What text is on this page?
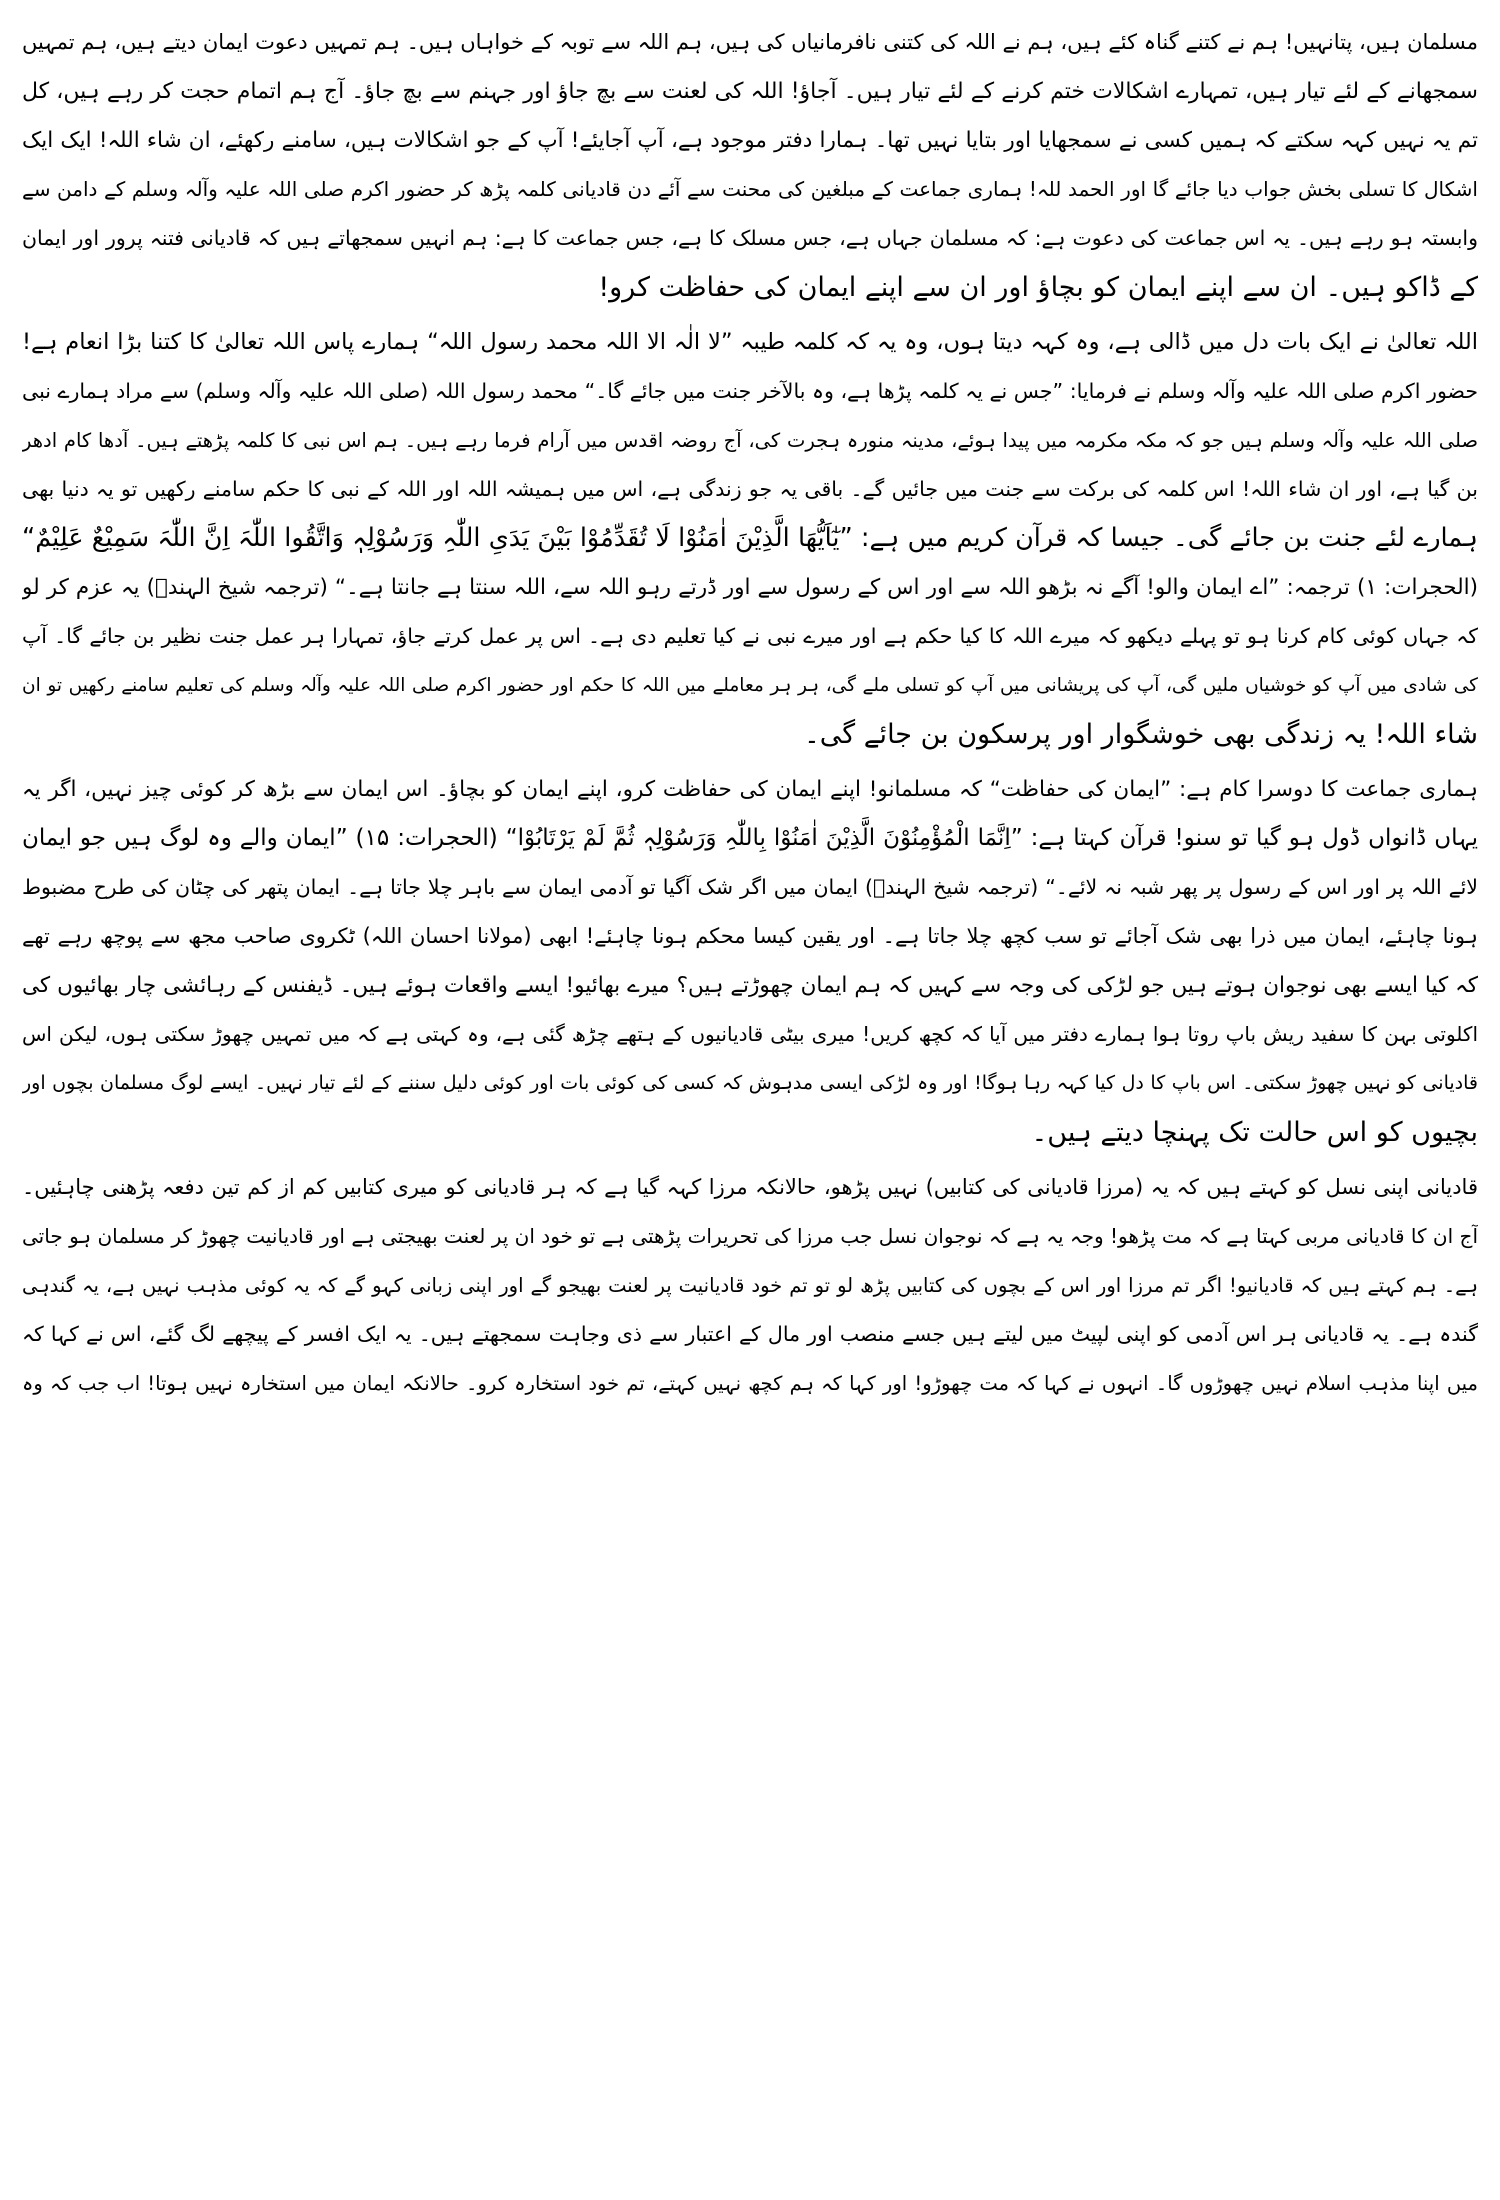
مسلمان ہیں، پتانہیں! ہم نے کتنے گناہ کئے ہیں، ہم نے اللہ کی کتنی نافرمانیاں کی ہیں، ہم اللہ سے توبہ کے خواہاں ہیں۔ ہم تمہیں دعوت ایمان دیتے ہیں، ہم تمہیں
سمجھانے کے لئے تیار ہیں، تمہارے اشکالات ختم کرنے کے لئے تیار ہیں۔ آجاؤ! اللہ کی لعنت سے بچ جاؤ اور جہنم سے بچ جاؤ۔ آج ہم اتمام حجت کر رہے ہیں، کل
تم یہ نہیں کہہ سکتے کہ ہمیں کسی نے سمجھایا اور بتایا نہیں تھا۔ ہمارا دفتر موجود ہے، آپ آجایئے! آپ کے جو اشکالات ہیں، سامنے رکھئے، ان شاء اللہ! ایک ایک
اشکال کا تسلی بخش جواب دیا جائے گا اور الحمد للہ! ہماری جماعت کے مبلغین کی محنت سے آئے دن قادیانی کلمہ پڑھ کر حضور اکرم صلی اللہ علیہ وآلہ وسلم کے دامن سے
وابستہ ہو رہے ہیں۔ یہ اس جماعت کی دعوت ہے: کہ مسلمان جہاں ہے، جس مسلک کا ہے، جس جماعت کا ہے: ہم انہیں سمجھاتے ہیں کہ قادیانی فتنہ پرور اور ایمان
کے ڈاکو ہیں۔ ان سے اپنے ایمان کو بچاؤ اور ان سے اپنے ایمان کی حفاظت کرو!
اللہ تعالیٰ نے ایک بات دل میں ڈالی ہے، وہ کہہ دیتا ہوں، وہ یہ کہ کلمہ طیبہ ”لا الٰہ الا اللہ محمد رسول اللہ“ ہمارے پاس اللہ تعالیٰ کا کتنا بڑا انعام ہے!
حضور اکرم صلی اللہ علیہ وآلہ وسلم نے فرمایا: ”جس نے یہ کلمہ پڑھا ہے، وہ بالآخر جنت میں جائے گا۔“ محمد رسول اللہ (صلی اللہ علیہ وآلہ وسلم) سے مراد ہمارے نبی
صلی اللہ علیہ وآلہ وسلم ہیں جو کہ مکہ مکرمہ میں پیدا ہوئے، مدینہ منورہ ہجرت کی، آج روضہ اقدس میں آرام فرما رہے ہیں۔ ہم اس نبی کا کلمہ پڑھتے ہیں۔ آدھا کام ادھر
بن گیا ہے، اور ان شاء اللہ! اس کلمہ کی برکت سے جنت میں جائیں گے۔ باقی یہ جو زندگی ہے، اس میں ہمیشہ اللہ اور اللہ کے نبی کا حکم سامنے رکھیں تو یہ دنیا بھی
ہمارے لئے جنت بن جائے گی۔ جیسا کہ قرآن کریم میں ہے: ”یٰٓاَیُّھَا الَّذِیْنَ اٰمَنُوْا لَا تُقَدِّمُوْا بَیْنَ یَدَیِ اللّٰہِ وَرَسُوْلِہٖ وَاتَّقُوا اللّٰہَ اِنَّ اللّٰہَ سَمِیْعٌ عَلِیْمٌ“
(الحجرات: ۱) ترجمہ: ”اے ایمان والو! آگے نہ بڑھو اللہ سے اور اس کے رسول سے اور ڈرتے رہو اللہ سے، اللہ سنتا ہے جانتا ہے۔“ (ترجمہ شیخ الہندؒ) یہ عزم کر لو
کہ جہاں کوئی کام کرنا ہو تو پہلے دیکھو کہ میرے اللہ کا کیا حکم ہے اور میرے نبی نے کیا تعلیم دی ہے۔ اس پر عمل کرتے جاؤ، تمہارا ہر عمل جنت نظیر بن جائے گا۔ آپ
کی شادی میں آپ کو خوشیاں ملیں گی، آپ کی پریشانی میں آپ کو تسلی ملے گی، ہر ہر معاملے میں اللہ کا حکم اور حضور اکرم صلی اللہ علیہ وآلہ وسلم کی تعلیم سامنے رکھیں تو ان
شاء اللہ! یہ زندگی بھی خوشگوار اور پرسکون بن جائے گی۔
ہماری جماعت کا دوسرا کام ہے: ”ایمان کی حفاظت“ کہ مسلمانو! اپنے ایمان کی حفاظت کرو، اپنے ایمان کو بچاؤ۔ اس ایمان سے بڑھ کر کوئی چیز نہیں، اگر یہ
یہاں ڈانواں ڈول ہو گیا تو سنو! قرآن کہتا ہے: ”اِنَّمَا الْمُؤْمِنُوْنَ الَّذِیْنَ اٰمَنُوْا بِاللّٰہِ وَرَسُوْلِہٖ ثُمَّ لَمْ یَرْتَابُوْا“ (الحجرات: ۱۵) ”ایمان والے وہ لوگ ہیں جو ایمان
لائے اللہ پر اور اس کے رسول پر پھر شبہ نہ لائے۔“ (ترجمہ شیخ الہندؒ) ایمان میں اگر شک آگیا تو آدمی ایمان سے باہر چلا جاتا ہے۔ ایمان پتھر کی چٹان کی طرح مضبوط
ہونا چاہئے، ایمان میں ذرا بھی شک آجائے تو سب کچھ چلا جاتا ہے۔ اور یقین کیسا محکم ہونا چاہئے! ابھی (مولانا احسان اللہ) ٹکروی صاحب مجھ سے پوچھ رہے تھے
کہ کیا ایسے بھی نوجوان ہوتے ہیں جو لڑکی کی وجہ سے کہیں کہ ہم ایمان چھوڑتے ہیں؟ میرے بھائیو! ایسے واقعات ہوئے ہیں۔ ڈیفنس کے رہائشی چار بھائیوں کی
اکلوتی بہن کا سفید ریش باپ روتا ہوا ہمارے دفتر میں آیا کہ کچھ کریں! میری بیٹی قادیانیوں کے ہتھے چڑھ گئی ہے، وہ کہتی ہے کہ میں تمہیں چھوڑ سکتی ہوں، لیکن اس
قادیانی کو نہیں چھوڑ سکتی۔ اس باپ کا دل کیا کہہ رہا ہوگا! اور وہ لڑکی ایسی مدہوش کہ کسی کی کوئی بات اور کوئی دلیل سننے کے لئے تیار نہیں۔ ایسے لوگ مسلمان بچوں اور
بچیوں کو اس حالت تک پہنچا دیتے ہیں۔
قادیانی اپنی نسل کو کہتے ہیں کہ یہ (مرزا قادیانی کی کتابیں) نہیں پڑھو، حالانکہ مرزا کہہ گیا ہے کہ ہر قادیانی کو میری کتابیں کم از کم تین دفعہ پڑھنی چاہئیں۔
آج ان کا قادیانی مربی کہتا ہے کہ مت پڑھو! وجہ یہ ہے کہ نوجوان نسل جب مرزا کی تحریرات پڑھتی ہے تو خود ان پر لعنت بھیجتی ہے اور قادیانیت چھوڑ کر مسلمان ہو جاتی
ہے۔ ہم کہتے ہیں کہ قادیانیو! اگر تم مرزا اور اس کے بچوں کی کتابیں پڑھ لو تو تم خود قادیانیت پر لعنت بھیجو گے اور اپنی زبانی کہو گے کہ یہ کوئی مذہب نہیں ہے، یہ گندہی
گندہ ہے۔ یہ قادیانی ہر اس آدمی کو اپنی لپیٹ میں لیتے ہیں جسے منصب اور مال کے اعتبار سے ذی وجاہت سمجھتے ہیں۔ یہ ایک افسر کے پیچھے لگ گئے، اس نے کہا کہ
میں اپنا مذہب اسلام نہیں چھوڑوں گا۔ انہوں نے کہا کہ مت چھوڑو! اور کہا کہ ہم کچھ نہیں کہتے، تم خود استخارہ کرو۔ حالانکہ ایمان میں استخارہ نہیں ہوتا! اب جب کہ وہ
